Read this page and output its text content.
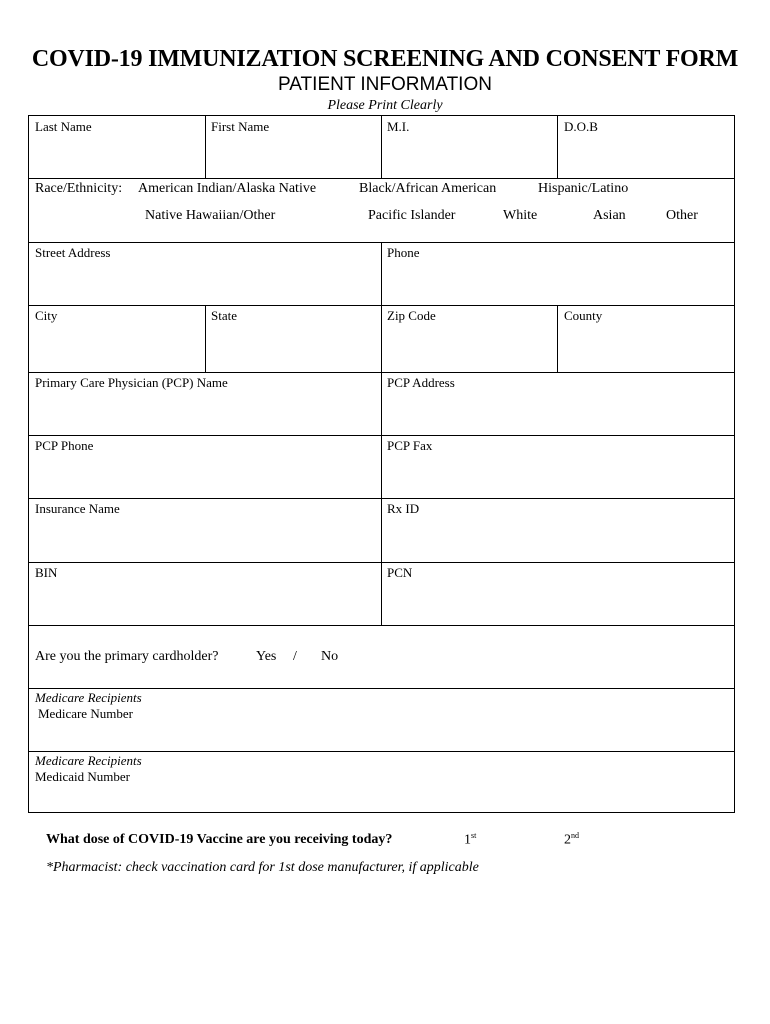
COVID-19 IMMUNIZATION SCREENING AND CONSENT FORM
PATIENT INFORMATION
Please Print Clearly
Last Name	First Name	M.I.	D.O.B
Race/Ethnicity: American Indian/Alaska Native	Black/African American	Hispanic/Latino
Native Hawaiian/Other	Pacific Islander	White	Asian	Other
Street Address	Phone
City	State	Zip Code	County
Primary Care Physician (PCP) Name	PCP Address
PCP Phone	PCP Fax
Insurance Name	Rx ID
BIN	PCN
Are you the primary cardholder?	Yes / No
Medicare Recipients
Medicare Number
Medicare Recipients
Medicaid Number
What dose of COVID-19 Vaccine are you receiving today?	1st	2nd
*Pharmacist: check vaccination card for 1st dose manufacturer, if applicable
